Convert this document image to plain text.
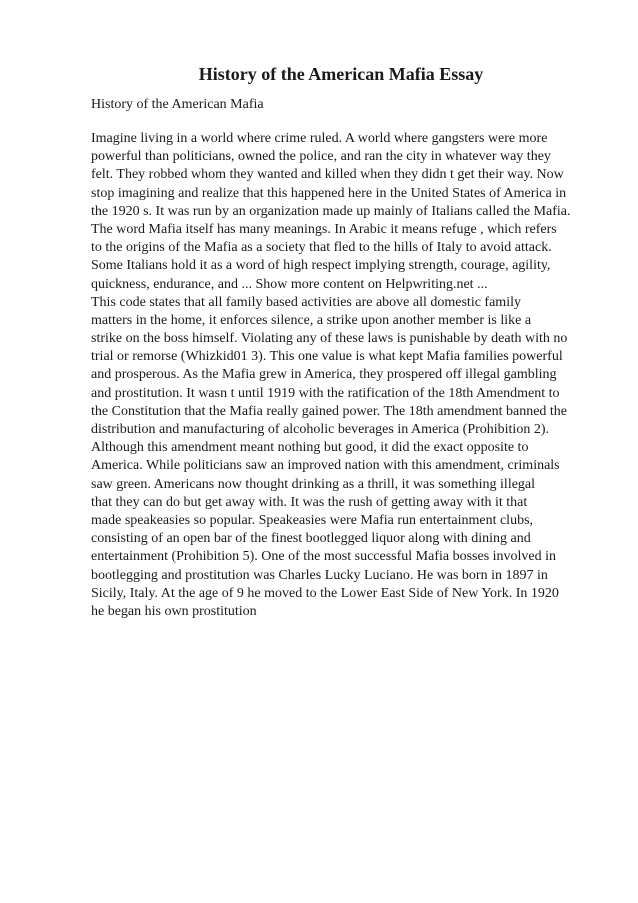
History of the American Mafia Essay

History of the American Mafia

Imagine living in a world where crime ruled. A world where gangsters were more
powerful than politicians, owned the police, and ran the city in whatever way they
felt. They robbed whom they wanted and killed when they didn t get their way. Now
stop imagining and realize that this happened here in the United States of America in
the 1920 s. It was run by an organization made up mainly of Italians called the Mafia.
The word Mafia itself has many meanings. In Arabic it means refuge , which refers
to the origins of the Mafia as a society that fled to the hills of Italy to avoid attack.
Some Italians hold it as a word of high respect implying strength, courage, agility,
quickness, endurance, and ... Show more content on Helpwriting.net ...
This code states that all family based activities are above all domestic family
matters in the home, it enforces silence, a strike upon another member is like a
strike on the boss himself. Violating any of these laws is punishable by death with no
trial or remorse (Whizkid01 3). This one value is what kept Mafia families powerful
and prosperous. As the Mafia grew in America, they prospered off illegal gambling
and prostitution. It wasn t until 1919 with the ratification of the 18th Amendment to
the Constitution that the Mafia really gained power. The 18th amendment banned the
distribution and manufacturing of alcoholic beverages in America (Prohibition 2).
Although this amendment meant nothing but good, it did the exact opposite to
America. While politicians saw an improved nation with this amendment, criminals
saw green. Americans now thought drinking as a thrill, it was something illegal
that they can do but get away with. It was the rush of getting away with it that
made speakeasies so popular. Speakeasies were Mafia run entertainment clubs,
consisting of an open bar of the finest bootlegged liquor along with dining and
entertainment (Prohibition 5). One of the most successful Mafia bosses involved in
bootlegging and prostitution was Charles Lucky Luciano. He was born in 1897 in
Sicily, Italy. At the age of 9 he moved to the Lower East Side of New York. In 1920
he began his own prostitution
